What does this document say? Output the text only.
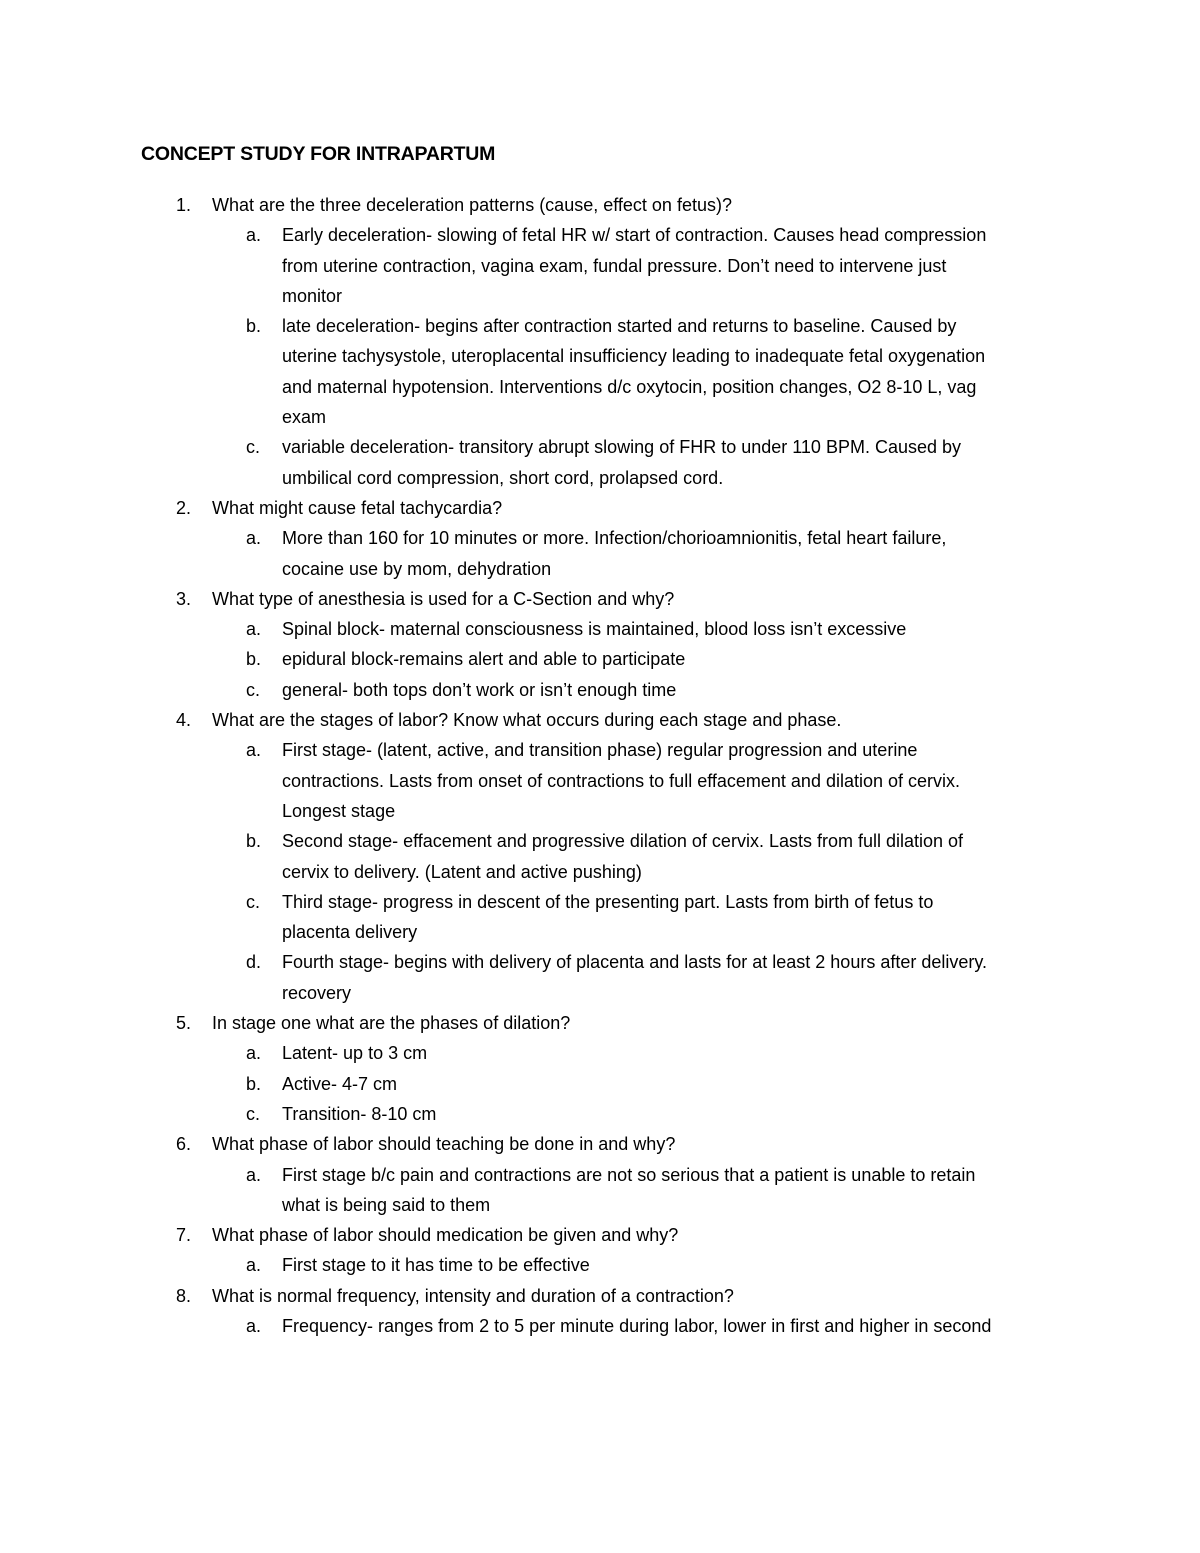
CONCEPT STUDY FOR INTRAPARTUM
1. What are the three deceleration patterns (cause, effect on fetus)?
a. Early deceleration- slowing of fetal HR w/ start of contraction. Causes head compression from uterine contraction, vagina exam, fundal pressure. Don’t need to intervene just monitor
b. late deceleration- begins after contraction started and returns to baseline. Caused by uterine tachysystole, uteroplacental insufficiency leading to inadequate fetal oxygenation and maternal hypotension. Interventions d/c oxytocin, position changes, O2 8-10 L, vag exam
c. variable deceleration- transitory abrupt slowing of FHR to under 110 BPM. Caused by umbilical cord compression, short cord, prolapsed cord.
2. What might cause fetal tachycardia?
a. More than 160 for 10 minutes or more. Infection/chorioamnionitis, fetal heart failure, cocaine use by mom, dehydration
3. What type of anesthesia is used for a C-Section and why?
a. Spinal block- maternal consciousness is maintained, blood loss isn’t excessive
b. epidural block-remains alert and able to participate
c. general- both tops don’t work or isn’t enough time
4. What are the stages of labor? Know what occurs during each stage and phase.
a. First stage- (latent, active, and transition phase) regular progression and uterine contractions. Lasts from onset of contractions to full effacement and dilation of cervix. Longest stage
b. Second stage- effacement and progressive dilation of cervix. Lasts from full dilation of cervix to delivery. (Latent and active pushing)
c. Third stage- progress in descent of the presenting part. Lasts from birth of fetus to placenta delivery
d. Fourth stage- begins with delivery of placenta and lasts for at least 2 hours after delivery. recovery
5. In stage one what are the phases of dilation?
a. Latent- up to 3 cm
b. Active- 4-7 cm
c. Transition- 8-10 cm
6. What phase of labor should teaching be done in and why?
a. First stage b/c pain and contractions are not so serious that a patient is unable to retain what is being said to them
7. What phase of labor should medication be given and why?
a. First stage to it has time to be effective
8. What is normal frequency, intensity and duration of a contraction?
a. Frequency- ranges from 2 to 5 per minute during labor, lower in first and higher in second
